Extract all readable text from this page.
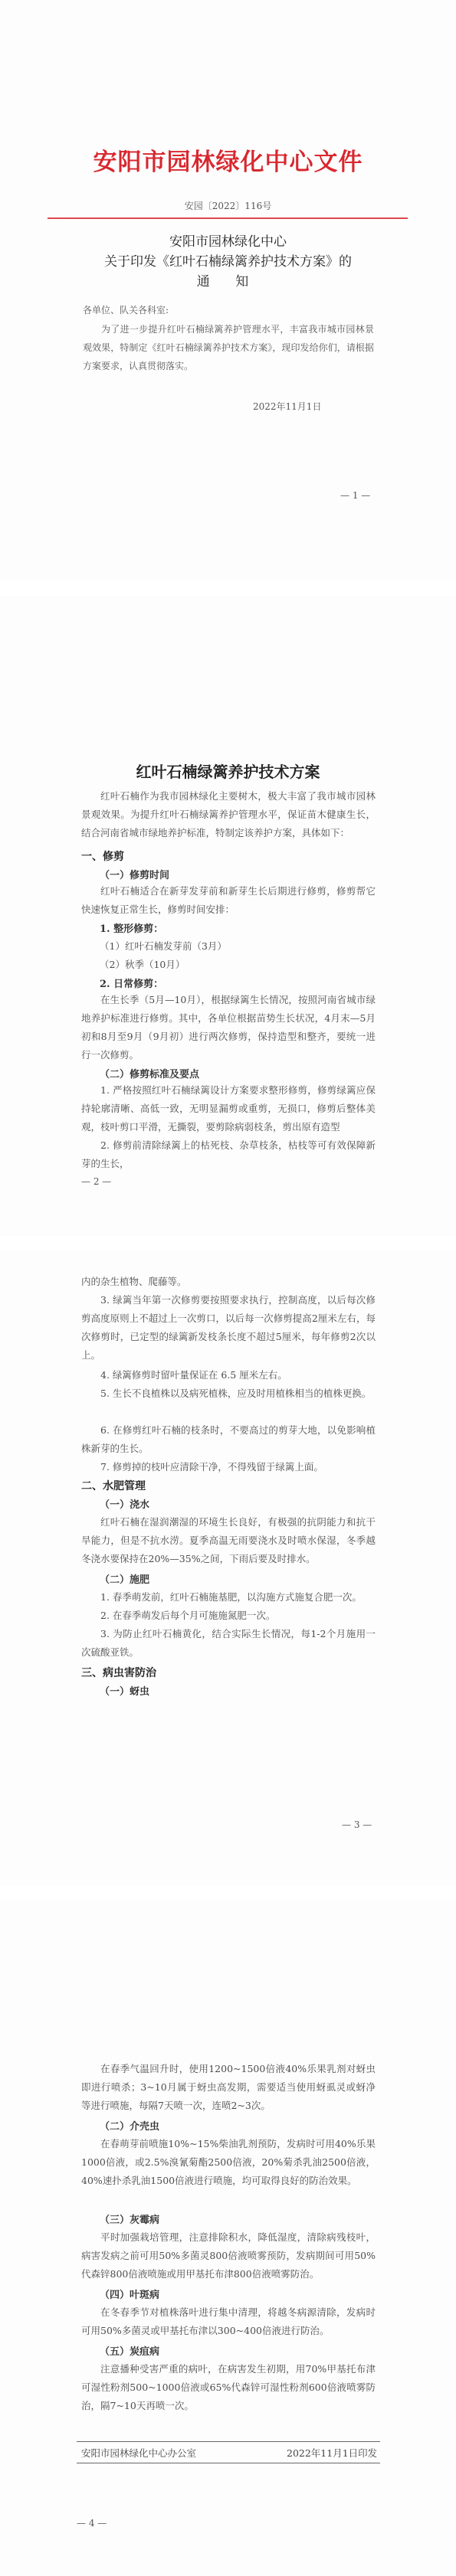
安阳市园林绿化中心文件
安园〔2022〕116号
安阳市园林绿化中心
关于印发《红叶石楠绿篱养护技术方案》的
通 知
各单位、队关各科室:
为了进一步提升红叶石楠绿篱养护管理水平，丰富我市城市园林景观效果，特制定《红叶石楠绿篱养护技术方案》，现印发给你们，请根据方案要求，认真贯彻落实。
2022年11月1日
— 1 —
红叶石楠绿篱养护技术方案
红叶石楠作为我市园林绿化主要树木，极大丰富了我市城市园林景观效果。为提升红叶石楠绿篱养护管理水平，保证苗木健康生长，结合河南省城市绿地养护标准，特制定该养护方案，具体如下：
一、修剪
（一）修剪时间
红叶石楠适合在新芽发芽前和新芽生长后期进行修剪，修剪帮它快速恢复正常生长，修剪时间安排：
1. 整形修剪：
（1）红叶石楠发芽前（3月）
（2）秋季（10月）
2. 日常修剪：
在生长季（5月—10月），根据绿篱生长情况，按照河南省城市绿地养护标准进行修剪。其中，各单位根据苗势生长状况，4月末—5月初和8月至9月（9月初）进行两次修剪，保持造型和整齐，要统一进行一次修剪。
（二）修剪标准及要点
1. 严格按照红叶石楠绿篱设计方案要求整形修剪，修剪绿篱应保持轮廓清晰、高低一致，无明显漏剪或重剪，无损口，修剪后整体美观，枝叶剪口平滑，无撕裂，要剪除病弱枝条，剪出原有造型
2. 修剪前清除绿篱上的枯死枝、杂草枝条，枯枝等可有效保障新芽的生长，
— 2 —
内的杂生植物、爬藤等。
3. 绿篱当年第一次修剪要按照要求执行，控制高度，以后每次修剪高度原则上不超过上一次剪口，以后每一次修剪提高2厘米左右，每次修剪时，已定型的绿篱新发枝条长度不超过5厘米，每年修剪2次以上。
4. 绿篱修剪时留叶量保证在 6.5 厘米左右。
5. 生长不良植株以及病死植株，应及时用植株相当的植株更换。
6. 在修剪红叶石楠的枝条时，不要高过的剪芽大地，以免影响植株新芽的生长。
7. 修剪掉的枝叶应清除干净，不得残留于绿篱上面。
二、水肥管理
（一）浇水
红叶石楠在湿润潮湿的环境生长良好，有极强的抗阴能力和抗干旱能力，但是不抗水涝。夏季高温无雨要浇水及时喷水保湿，冬季越冬浇水要保持在20%—35%之间，下雨后要及时排水。
（二）施肥
1. 春季萌发前，红叶石楠施基肥，以沟施方式施复合肥一次。
2. 在春季萌发后每个月可施施氮肥一次。
3. 为防止红叶石楠黄化，结合实际生长情况，每1-2个月施用一次硫酸亚铁。
三、病虫害防治
（一）蚜虫
— 3 —
在春季气温回升时，使用1200~1500倍液40%乐果乳剂对蚜虫即进行喷杀；3~10月属于蚜虫高发期，需要适当使用蚜虱灵或蚜净等进行喷施，每隔7天喷一次，连喷2~3次。
（二）介壳虫
在春萌芽前喷施10%~15%柴油乳剂预防，发病时可用40%乐果1000倍液，或2.5%溴氰菊酯2500倍液，20%菊杀乳油2500倍液，40%速扑杀乳油1500倍液进行喷施，均可取得良好的防治效果。
（三）灰霉病
平时加强栽培管理，注意排除积水，降低湿度，清除病残枝叶，病害发病之前可用50%多菌灵800倍液喷雾预防，发病期间可用50%代森锌800倍液喷施或用甲基托布津800倍液喷雾防治。
（四）叶斑病
在冬春季节对植株落叶进行集中清理，将越冬病源清除，发病时可用50%多菌灵或甲基托布津以300~400倍液进行防治。
（五）炭疽病
注意播种受害严重的病叶，在病害发生初期，用70%甲基托布津可湿性粉剂500~1000倍液或65%代森锌可湿性粉剂600倍液喷雾防治，隔7~10天再喷一次。
安阳市园林绿化中心办公室	2022年11月1日印发
— 4 —
